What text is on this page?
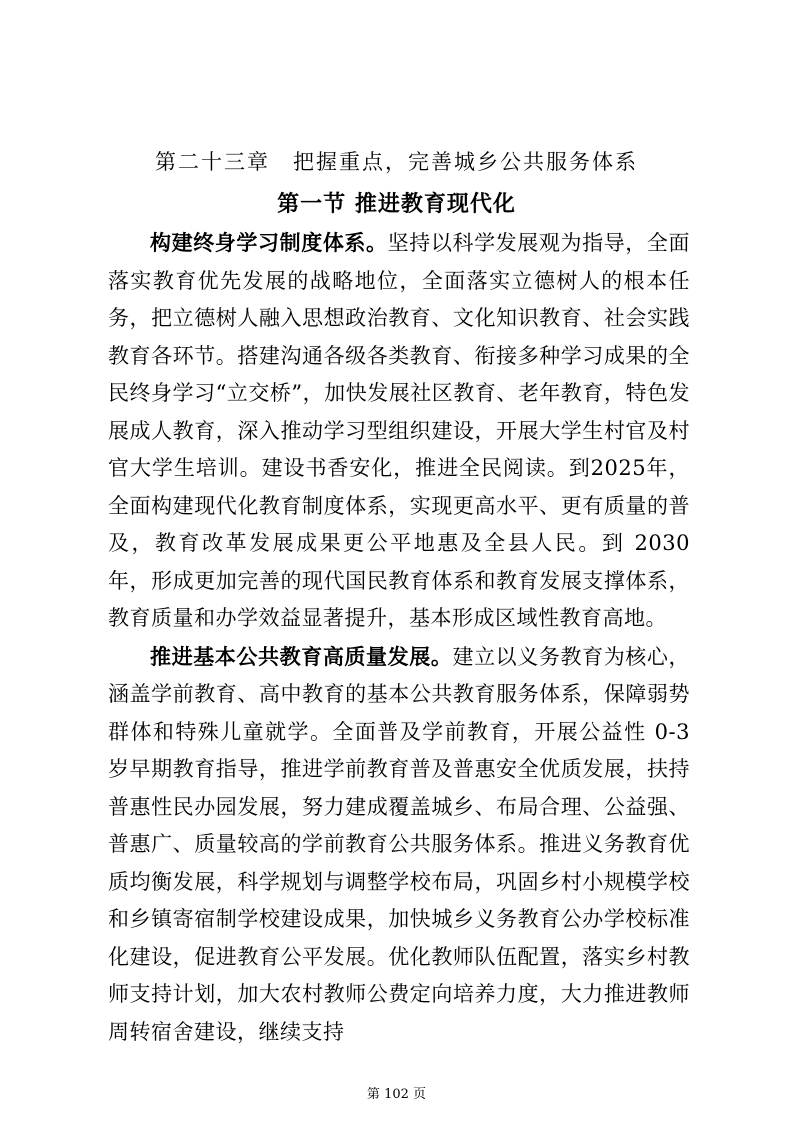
第二十三章　把握重点，完善城乡公共服务体系
第一节 推进教育现代化

构建终身学习制度体系。坚持以科学发展观为指导，全面落实教育优先发展的战略地位，全面落实立德树人的根本任务，把立德树人融入思想政治教育、文化知识教育、社会实践教育各环节。搭建沟通各级各类教育、衔接多种学习成果的全民终身学习“立交桥”，加快发展社区教育、老年教育，特色发展成人教育，深入推动学习型组织建设，开展大学生村官及村官大学生培训。建设书香安化，推进全民阅读。到2025年，全面构建现代化教育制度体系，实现更高水平、更有质量的普及，教育改革发展成果更公平地惠及全县人民。到 2030 年，形成更加完善的现代国民教育体系和教育发展支撑体系，教育质量和办学效益显著提升，基本形成区域性教育高地。

推进基本公共教育高质量发展。建立以义务教育为核心，涵盖学前教育、高中教育的基本公共教育服务体系，保障弱势群体和特殊儿童就学。全面普及学前教育，开展公益性 0-3 岁早期教育指导，推进学前教育普及普惠安全优质发展，扶持普惠性民办园发展，努力建成覆盖城乡、布局合理、公益强、普惠广、质量较高的学前教育公共服务体系。推进义务教育优质均衡发展，科学规划与调整学校布局，巩固乡村小规模学校和乡镇寄宿制学校建设成果，加快城乡义务教育公办学校标准化建设，促进教育公平发展。优化教师队伍配置，落实乡村教师支持计划，加大农村教师公费定向培养力度，大力推进教师周转宿舍建设，继续支持

第 102 页
